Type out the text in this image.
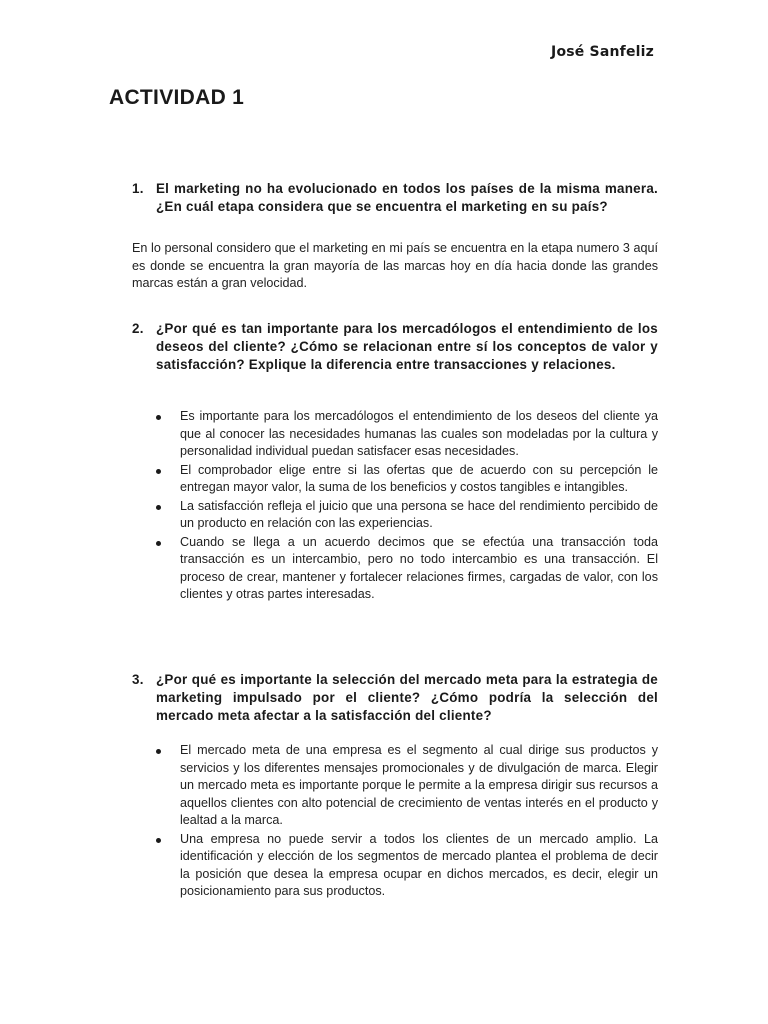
José Sanfeliz
ACTIVIDAD 1
1. El marketing no ha evolucionado en todos los países de la misma manera. ¿En cuál etapa considera que se encuentra el marketing en su país?

En lo personal considero que el marketing en mi país se encuentra en la etapa numero 3 aquí es donde se encuentra la gran mayoría de las marcas hoy en día hacia donde las grandes marcas están a gran velocidad.

2. ¿Por qué es tan importante para los mercadólogos el entendimiento de los deseos del cliente? ¿Cómo se relacionan entre sí los conceptos de valor y satisfacción? Explique la diferencia entre transacciones y relaciones.
Es importante para los mercadólogos el entendimiento de los deseos del cliente ya que al conocer las necesidades humanas las cuales son modeladas por la cultura y personalidad individual puedan satisfacer esas necesidades.
El comprobador elige entre si las ofertas que de acuerdo con su percepción le entregan mayor valor, la suma de los beneficios y costos tangibles e intangibles.
La satisfacción refleja el juicio que una persona se hace del rendimiento percibido de un producto en relación con las experiencias.
Cuando se llega a un acuerdo decimos que se efectúa una transacción toda transacción es un intercambio, pero no todo intercambio es una transacción. El proceso de crear, mantener y fortalecer relaciones firmes, cargadas de valor, con los clientes y otras partes interesadas.
3. ¿Por qué es importante la selección del mercado meta para la estrategia de marketing impulsado por el cliente? ¿Cómo podría la selección del mercado meta afectar a la satisfacción del cliente?
El mercado meta de una empresa es el segmento al cual dirige sus productos y servicios y los diferentes mensajes promocionales y de divulgación de marca. Elegir un mercado meta es importante porque le permite a la empresa dirigir sus recursos a aquellos clientes con alto potencial de crecimiento de ventas interés en el producto y lealtad a la marca.
Una empresa no puede servir a todos los clientes de un mercado amplio. La identificación y elección de los segmentos de mercado plantea el problema de decir la posición que desea la empresa ocupar en dichos mercados, es decir, elegir un posicionamiento para sus productos.
